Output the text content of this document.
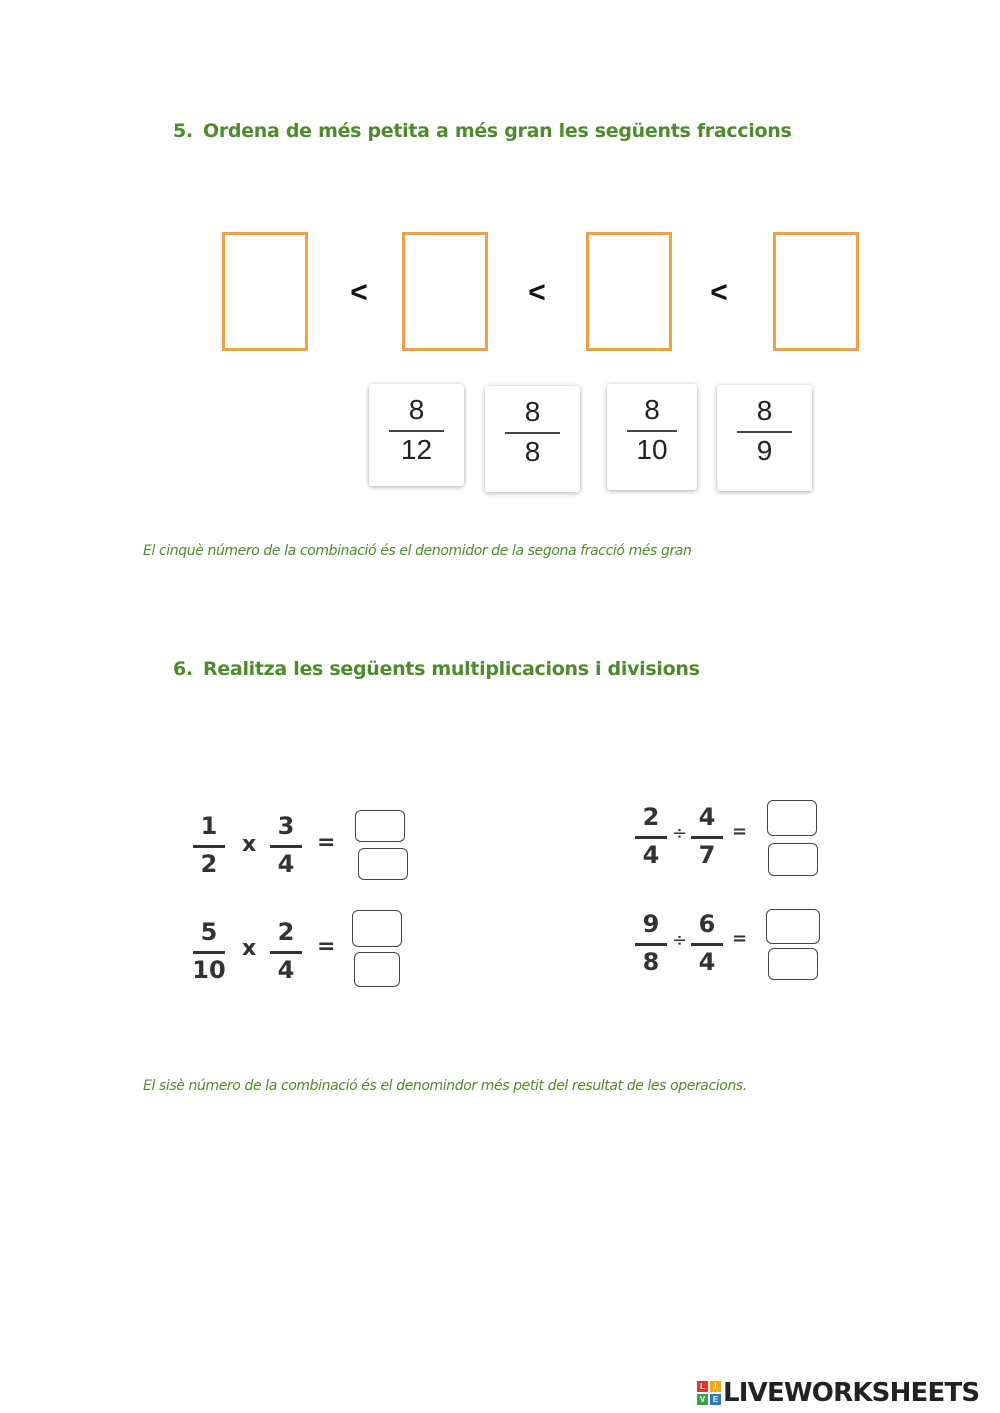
5. Ordena de més petita a més gran les següents fraccions
<	<	<
8
12
8
8
8
10
8
9
El cinquè número de la combinació és el denomidor de la segona fracció més gran
6. Realitza les següents multiplicacions i divisions
1
2
x
3
4
=
5
10
x
2
4
=
2
4
÷
4
7
=
9
8
÷
6
4
=
El sisè número de la combinació és el denomindor més petit del resultat de les operacions.
L	I
V E LIVEWORKSHEETS
